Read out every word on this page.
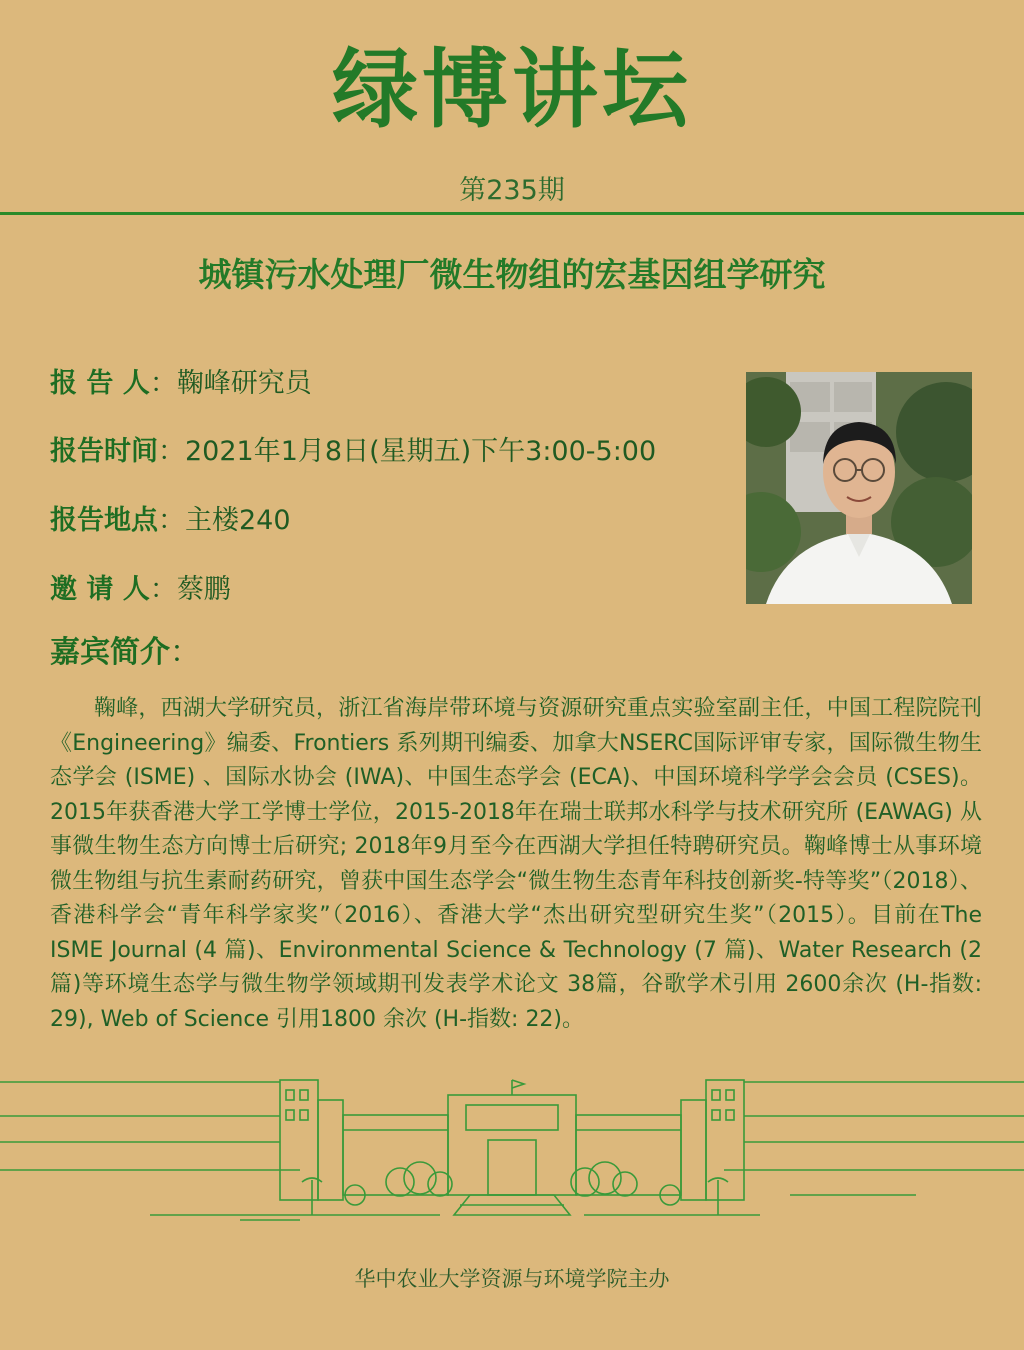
绿博讲坛
第235期
城镇污水处理厂微生物组的宏基因组学研究
报 告 人：鞠峰研究员
报告时间：2021年1月8日(星期五)下午3:00-5:00
报告地点：主楼240
邀 请 人：蔡鹏
嘉宾简介：

鞠峰，西湖大学研究员，浙江省海岸带环境与资源研究重点实验室副主任，中国工程院院刊《Engineering》编委、Frontiers 系列期刊编委、加拿大NSERC国际评审专家，国际微生物生态学会 (ISME) 、国际水协会 (IWA)、中国生态学会 (ECA)、中国环境科学学会会员 (CSES)。2015年获香港大学工学博士学位，2015-2018年在瑞士联邦水科学与技术研究所 (EAWAG) 从事微生物生态方向博士后研究; 2018年9月至今在西湖大学担任特聘研究员。鞠峰博士从事环境微生物组与抗生素耐药研究，曾获中国生态学会“微生物生态青年科技创新奖-特等奖”（2018）、香港科学会“青年科学家奖”（2016）、香港大学“杰出研究型研究生奖”（2015）。目前在The ISME Journal (4 篇)、Environmental Science & Technology (7 篇)、Water Research (2 篇)等环境生态学与微生物学领域期刊发表学术论文 38篇，谷歌学术引用 2600余次 (H-指数: 29), Web of Science 引用1800 余次 (H-指数: 22)。

华中农业大学资源与环境学院主办
